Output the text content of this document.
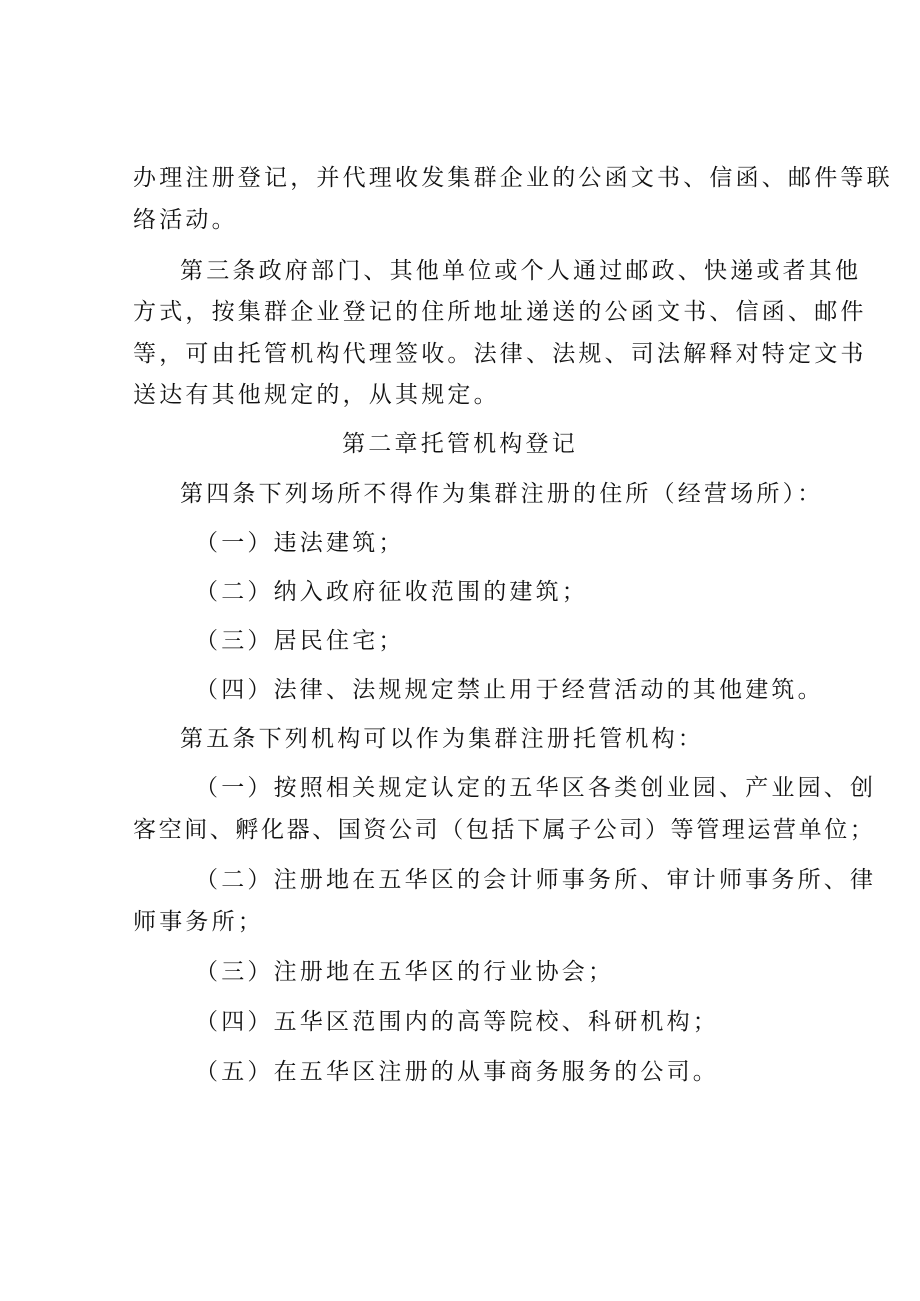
办理注册登记，并代理收发集群企业的公函文书、信函、邮件等联
络活动。
第三条政府部门、其他单位或个人通过邮政、快递或者其他
方式，按集群企业登记的住所地址递送的公函文书、信函、邮件
等，可由托管机构代理签收。法律、法规、司法解释对特定文书
送达有其他规定的，从其规定。
第二章托管机构登记
第四条下列场所不得作为集群注册的住所（经营场所）：
（一）违法建筑；
（二）纳入政府征收范围的建筑；
（三）居民住宅；
（四）法律、法规规定禁止用于经营活动的其他建筑。
第五条下列机构可以作为集群注册托管机构：
（一）按照相关规定认定的五华区各类创业园、产业园、创
客空间、孵化器、国资公司（包括下属子公司）等管理运营单位；
（二）注册地在五华区的会计师事务所、审计师事务所、律
师事务所；
（三）注册地在五华区的行业协会；
（四）五华区范围内的高等院校、科研机构；
（五）在五华区注册的从事商务服务的公司。
